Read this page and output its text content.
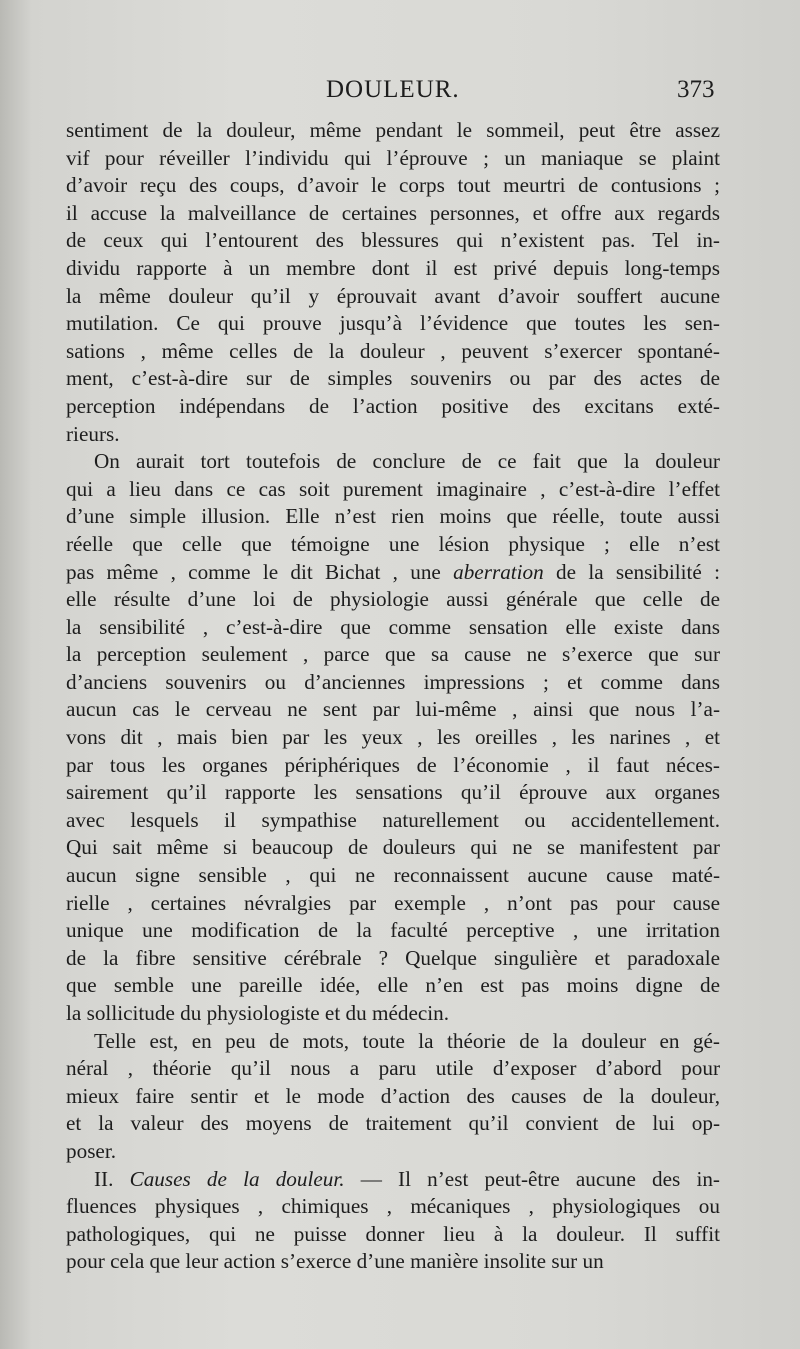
DOULEUR.	373
sentiment de la douleur, même pendant le sommeil, peut être assez
vif pour réveiller l’individu qui l’éprouve ; un maniaque se plaint
d’avoir reçu des coups, d’avoir le corps tout meurtri de contusions ;
il accuse la malveillance de certaines personnes, et offre aux regards
de ceux qui l’entourent des blessures qui n’existent pas. Tel in-
dividu rapporte à un membre dont il est privé depuis long-temps
la même douleur qu’il y éprouvait avant d’avoir souffert aucune
mutilation. Ce qui prouve jusqu’à l’évidence que toutes les sen-
sations , même celles de la douleur , peuvent s’exercer spontané-
ment, c’est-à-dire sur de simples souvenirs ou par des actes de
perception indépendans de l’action positive des excitans exté-
rieurs.
On aurait tort toutefois de conclure de ce fait que la douleur
qui a lieu dans ce cas soit purement imaginaire , c’est-à-dire l’effet
d’une simple illusion. Elle n’est rien moins que réelle, toute aussi
réelle que celle que témoigne une lésion physique ; elle n’est
pas même , comme le dit Bichat , une aberration de la sensibilité :
elle résulte d’une loi de physiologie aussi générale que celle de
la sensibilité , c’est-à-dire que comme sensation elle existe dans
la perception seulement , parce que sa cause ne s’exerce que sur
d’anciens souvenirs ou d’anciennes impressions ; et comme dans
aucun cas le cerveau ne sent par lui-même , ainsi que nous l’a-
vons dit , mais bien par les yeux , les oreilles , les narines , et
par tous les organes périphériques de l’économie , il faut néces-
sairement qu’il rapporte les sensations qu’il éprouve aux organes
avec lesquels il sympathise naturellement ou accidentellement.
Qui sait même si beaucoup de douleurs qui ne se manifestent par
aucun signe sensible , qui ne reconnaissent aucune cause maté-
rielle , certaines névralgies par exemple , n’ont pas pour cause
unique une modification de la faculté perceptive , une irritation
de la fibre sensitive cérébrale ? Quelque singulière et paradoxale
que semble une pareille idée, elle n’en est pas moins digne de
la sollicitude du physiologiste et du médecin.
Telle est, en peu de mots, toute la théorie de la douleur en gé-
néral , théorie qu’il nous a paru utile d’exposer d’abord pour
mieux faire sentir et le mode d’action des causes de la douleur,
et la valeur des moyens de traitement qu’il convient de lui op-
poser.
II. Causes de la douleur. — Il n’est peut-être aucune des in-
fluences physiques , chimiques , mécaniques , physiologiques ou
pathologiques, qui ne puisse donner lieu à la douleur. Il suffit
pour cela que leur action s’exerce d’une manière insolite sur un
